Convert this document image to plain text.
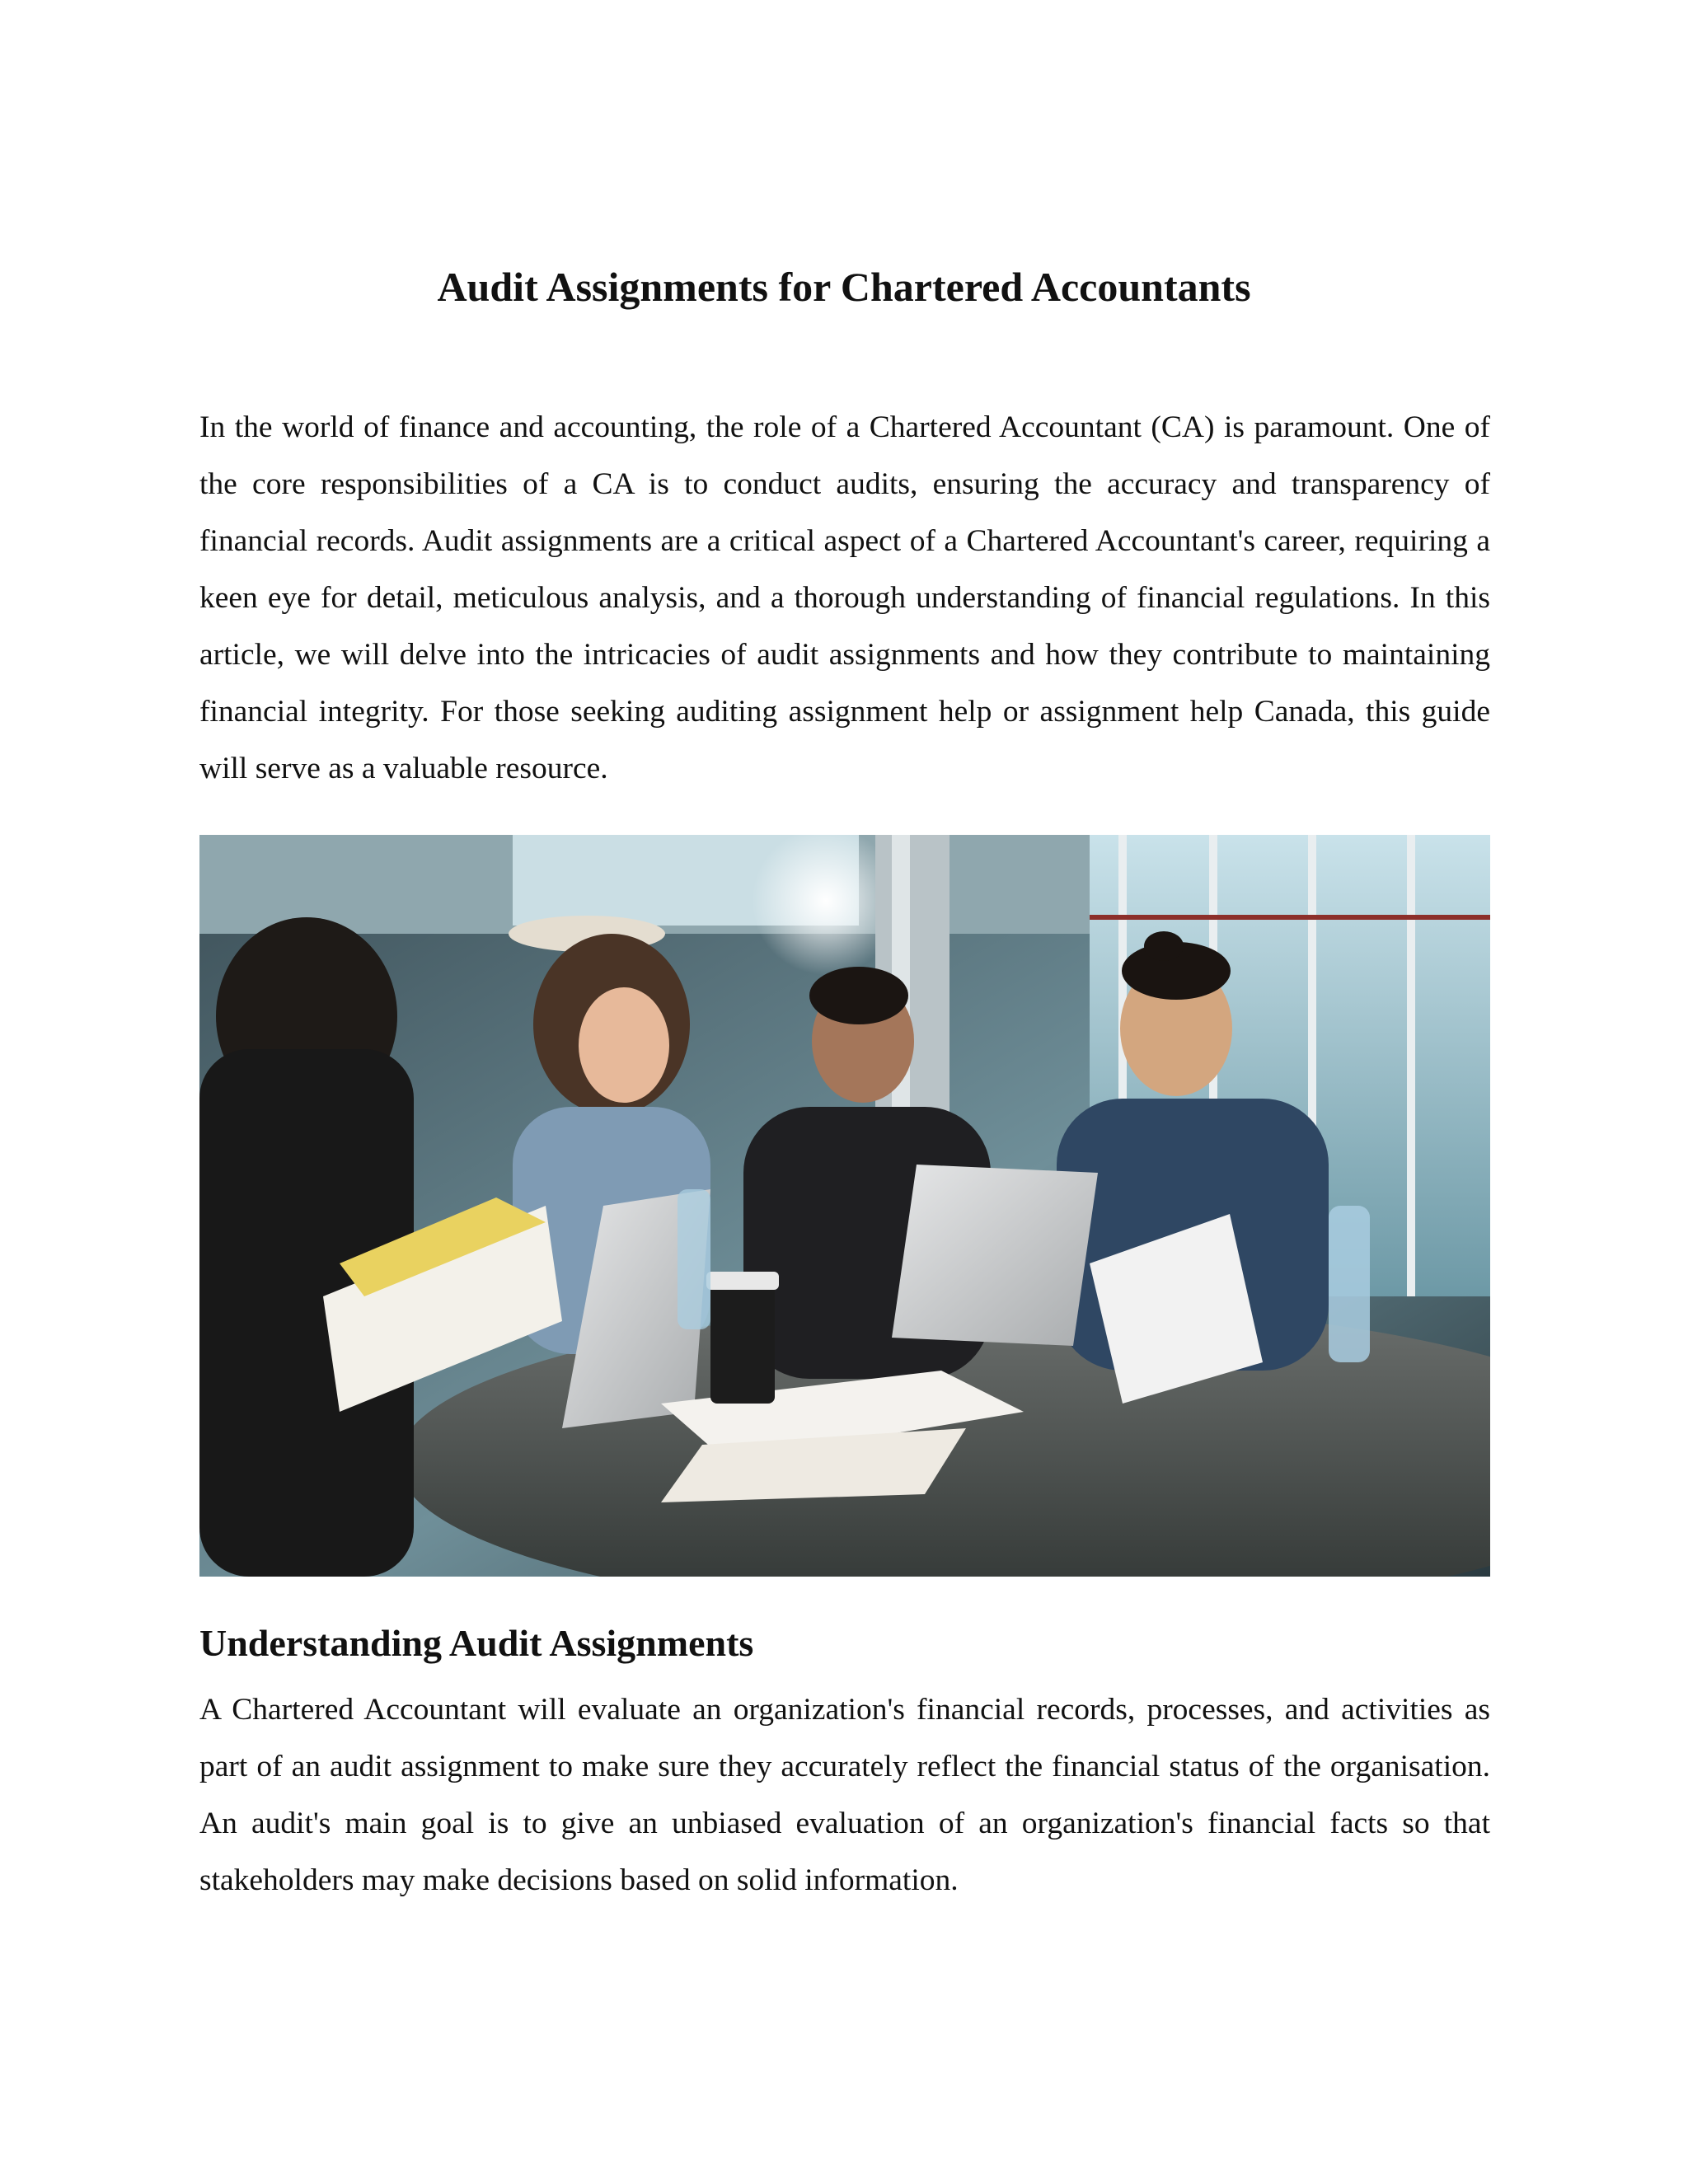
Audit Assignments for Chartered Accountants

In the world of finance and accounting, the role of a Chartered Accountant (CA) is paramount. One of the core responsibilities of a CA is to conduct audits, ensuring the accuracy and transparency of financial records. Audit assignments are a critical aspect of a Chartered Accountant's career, requiring a keen eye for detail, meticulous analysis, and a thorough understanding of financial regulations. In this article, we will delve into the intricacies of audit assignments and how they contribute to maintaining financial integrity. For those seeking auditing assignment help or assignment help Canada, this guide will serve as a valuable resource.

Understanding Audit Assignments

A Chartered Accountant will evaluate an organization's financial records, processes, and activities as part of an audit assignment to make sure they accurately reflect the financial status of the organisation. An audit's main goal is to give an unbiased evaluation of an organization's financial facts so that stakeholders may make decisions based on solid information.
